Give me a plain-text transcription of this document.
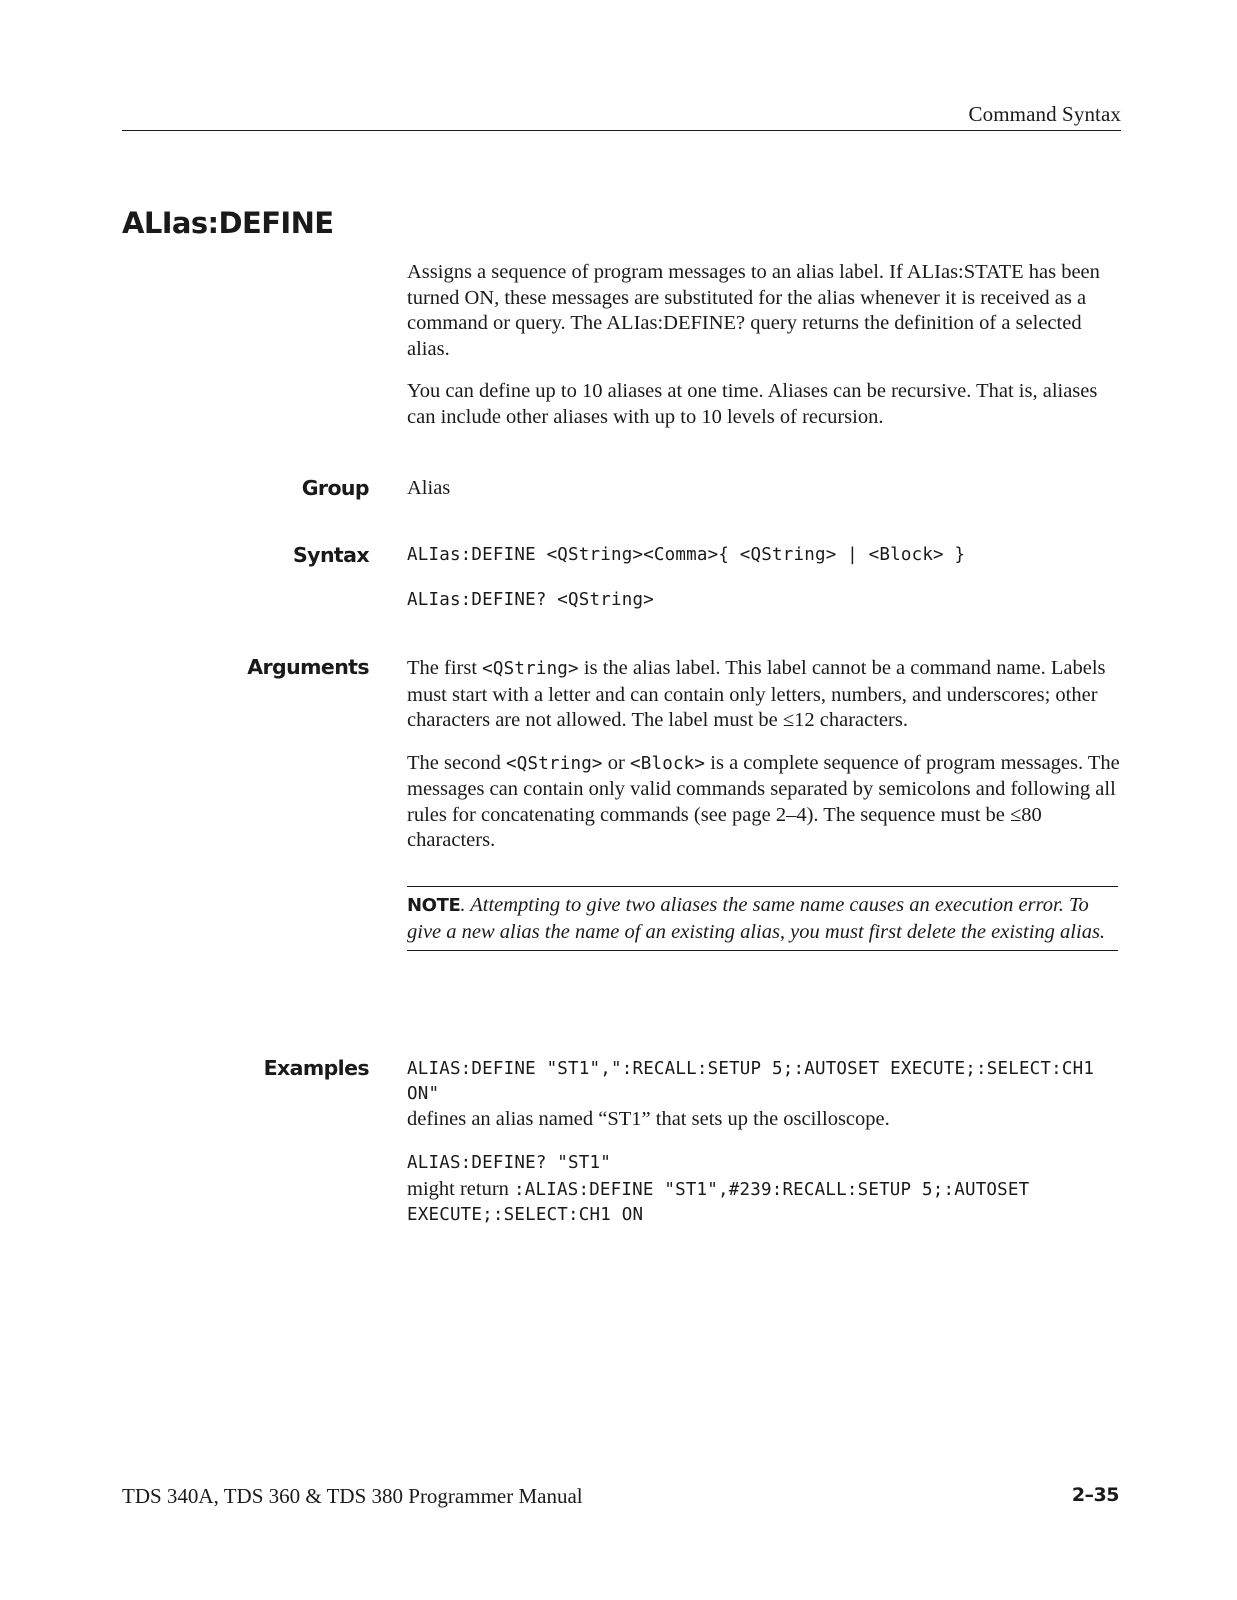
Command Syntax
ALIas:DEFINE

Assigns a sequence of program messages to an alias label. If ALIas:STATE has been turned ON, these messages are substituted for the alias whenever it is received as a command or query. The ALIas:DEFINE? query returns the definition of a selected alias.

You can define up to 10 aliases at one time. Aliases can be recursive. That is, aliases can include other aliases with up to 10 levels of recursion.

Group Alias
Syntax ALIas:DEFINE <QString><Comma>{ <QString> | <Block> }
ALIas:DEFINE? <QString>
Arguments The first <QString> is the alias label. This label cannot be a command name. Labels must start with a letter and can contain only letters, numbers, and underscores; other characters are not allowed. The label must be ≤12 characters.

The second <QString> or <Block> is a complete sequence of program messages. The messages can contain only valid commands separated by semicolons and following all rules for concatenating commands (see page 2–4). The sequence must be ≤80 characters.

NOTE. Attempting to give two aliases the same name causes an execution error. To give a new alias the name of an existing alias, you must first delete the existing alias.
Examples ALIAS:DEFINE "ST1",":RECALL:SETUP 5;:AUTOSET EXECUTE;:SELECT:CH1
ON"
defines an alias named “ST1” that sets up the oscilloscope.
ALIAS:DEFINE? "ST1"
might return :ALIAS:DEFINE "ST1",#239:RECALL:SETUP 5;:AUTOSET
EXECUTE;:SELECT:CH1 ON
TDS 340A, TDS 360 & TDS 380 Programmer Manual	2–35
